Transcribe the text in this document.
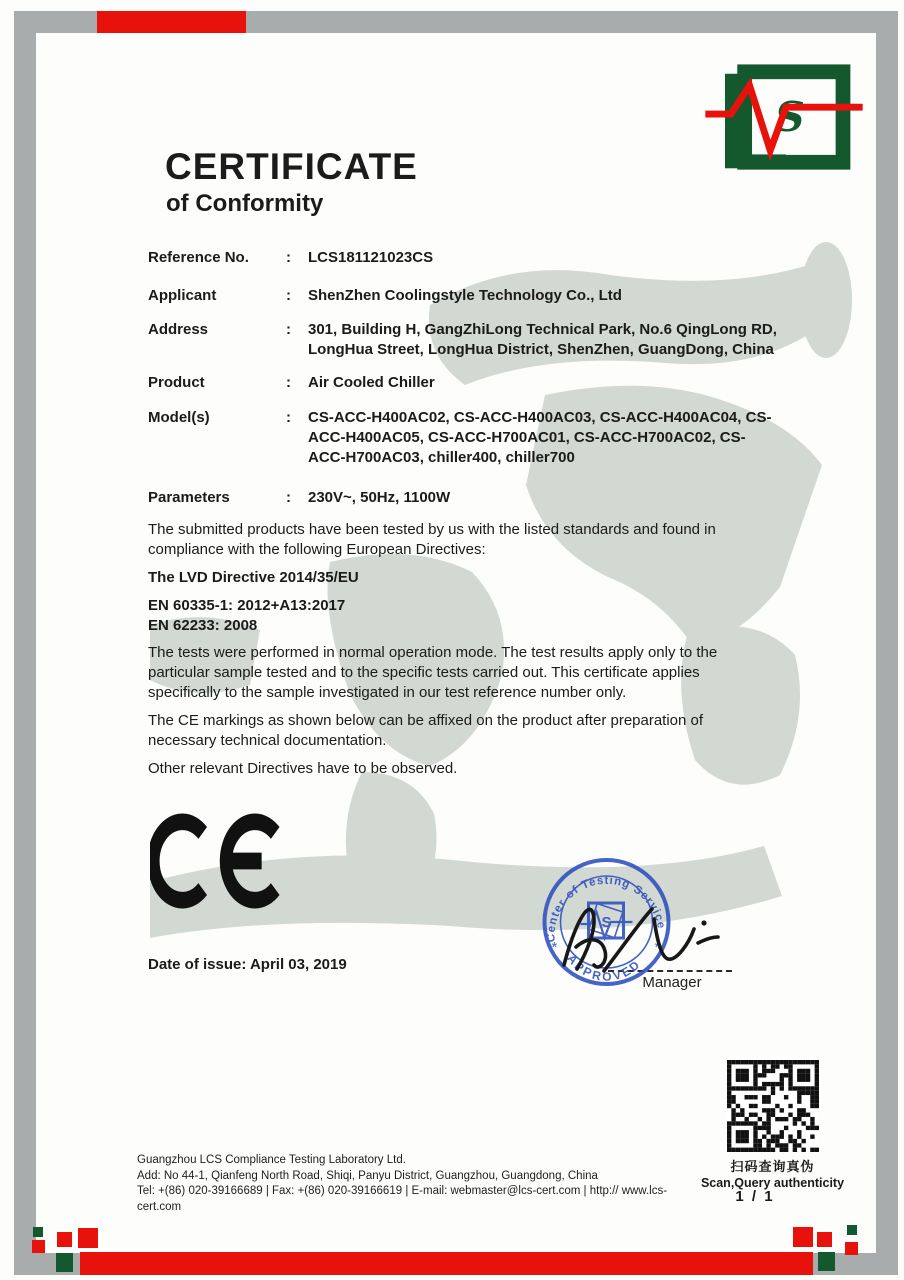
S
CERTIFICATE
of Conformity
Reference No.	:	LCS181121023CS
Applicant	:	ShenZhen Coolingstyle Technology Co., Ltd
Address	:	301, Building H, GangZhiLong Technical Park, No.6 QingLong RD, LongHua Street, LongHua District, ShenZhen, GuangDong, China
Product	:	Air Cooled Chiller
Model(s)	:	CS-ACC-H400AC02, CS-ACC-H400AC03, CS-ACC-H400AC04, CS-ACC-H400AC05, CS-ACC-H700AC01, CS-ACC-H700AC02, CS-ACC-H700AC03, chiller400, chiller700
Parameters	:	230V~, 50Hz, 1100W

The submitted products have been tested by us with the listed standards and found in compliance with the following European Directives:

The LVD Directive 2014/35/EU

EN 60335-1: 2012+A13:2017
EN 62233: 2008

The tests were performed in normal operation mode. The test results apply only to the particular sample tested and to the specific tests carried out. This certificate applies specifically to the sample investigated in our test reference number only.

The CE markings as shown below can be affixed on the product after preparation of necessary technical documentation.

Other relevant Directives have to be observed.

Date of issue: April 03, 2019
Center of Testing Service
APPROVED
*	*
S
Manager
Guangzhou LCS Compliance Testing Laboratory Ltd.
Add: No 44-1, Qianfeng North Road, Shiqi, Panyu District, Guangzhou, Guangdong, China
Tel: +(86) 020-39166689 | Fax: +(86) 020-39166619 | E-mail: webmaster@lcs-cert.com | http:// www.lcs-cert.com
扫码查询真伪
Scan,Query authenticity
1 / 1
